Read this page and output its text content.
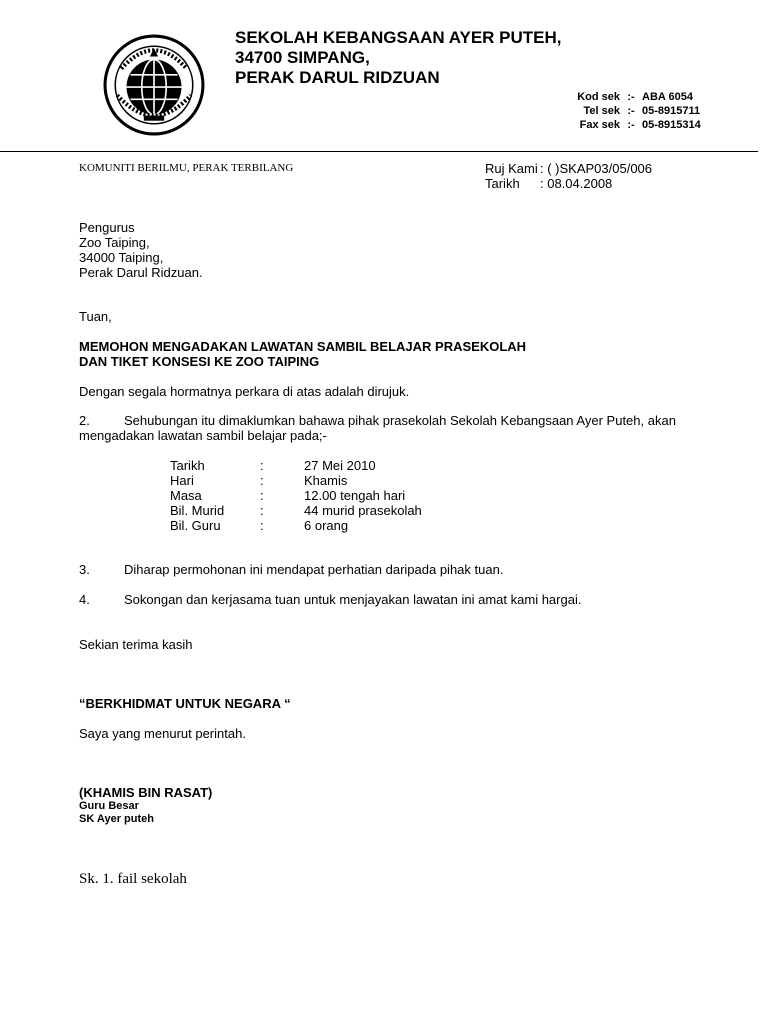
SEKOLAH KEBANGSAAN AYER PUTEH,
34700 SIMPANG,
PERAK DARUL RIDZUAN
Kod sek :- ABA 6054
Tel sek :- 05-8915711
Fax sek :- 05-8915314
KOMUNITI BERILMU, PERAK TERBILANG	Ruj Kami : ( )SKAP03/05/006
Tarikh	: 08.04.2008
Pengurus
Zoo Taiping,
34000 Taiping,
Perak Darul Ridzuan.
Tuan,
MEMOHON MENGADAKAN LAWATAN SAMBIL BELAJAR PRASEKOLAH
DAN TIKET KONSESI KE ZOO TAIPING
Dengan segala hormatnya perkara di atas adalah dirujuk.
2.	Sehubungan itu dimaklumkan bahawa pihak prasekolah Sekolah Kebangsaan Ayer Puteh, akan
mengadakan lawatan sambil belajar pada;-
Tarikh	:	27 Mei 2010
Hari	:	Khamis
Masa	:	12.00 tengah hari
Bil. Murid	:	44 murid prasekolah
Bil. Guru	:	6 orang
3.	Diharap permohonan ini mendapat perhatian daripada pihak tuan.
4.	Sokongan dan kerjasama tuan untuk menjayakan lawatan ini amat kami hargai.
Sekian terima kasih
“BERKHIDMAT UNTUK NEGARA “
Saya yang menurut perintah.
(KHAMIS BIN RASAT)
Guru Besar
SK Ayer puteh
Sk. 1. fail sekolah
